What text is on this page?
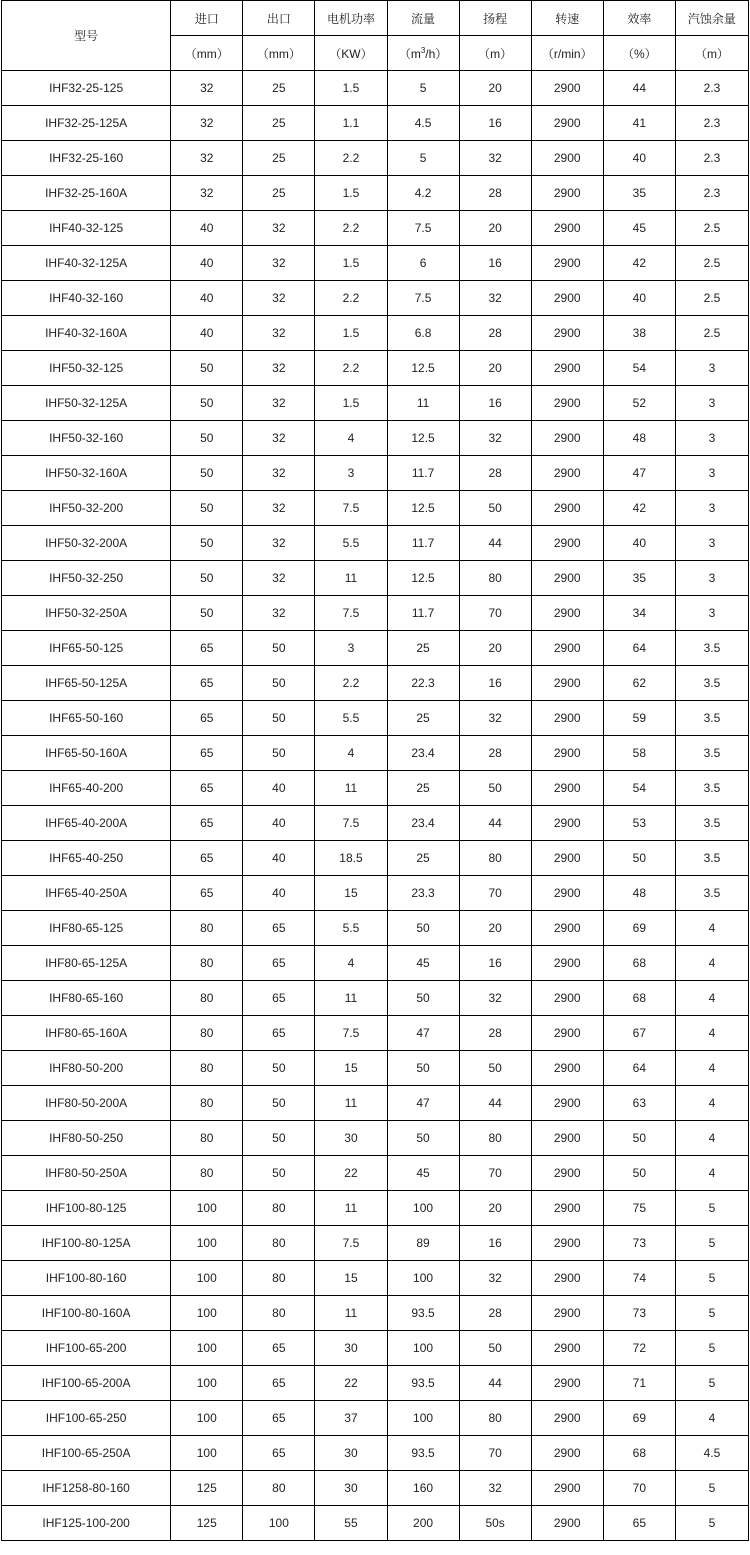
型号	进口	出口	电机功率	流量	扬程	转速	效率	汽蚀余量
	（mm）	（mm）	（KW）	$(m^3/h)$	（m）	（r/min）	（%）	（m）
IHF32-25-125	32	25	1.5	5	20	2900	44	2.3
IHF32-25-125A	32	25	1.1	4.5	16	2900	41	2.3
IHF32-25-160	32	25	2.2	5	32	2900	40	2.3
IHF32-25-160A	32	25	1.5	4.2	28	2900	35	2.3
IHF40-32-125	40	32	2.2	7.5	20	2900	45	2.5
IHF40-32-125A	40	32	1.5	6	16	2900	42	2.5
IHF40-32-160	40	32	2.2	7.5	32	2900	40	2.5
IHF40-32-160A	40	32	1.5	6.8	28	2900	38	2.5
IHF50-32-125	50	32	2.2	12.5	20	2900	54	3
IHF50-32-125A	50	32	1.5	11	16	2900	52	3
IHF50-32-160	50	32	4	12.5	32	2900	48	3
IHF50-32-160A	50	32	3	11.7	28	2900	47	3
IHF50-32-200	50	32	7.5	12.5	50	2900	42	3
IHF50-32-200A	50	32	5.5	11.7	44	2900	40	3
IHF50-32-250	50	32	11	12.5	80	2900	35	3
IHF50-32-250A	50	32	7.5	11.7	70	2900	34	3
IHF65-50-125	65	50	3	25	20	2900	64	3.5
IHF65-50-125A	65	50	2.2	22.3	16	2900	62	3.5
IHF65-50-160	65	50	5.5	25	32	2900	59	3.5
IHF65-50-160A	65	50	4	23.4	28	2900	58	3.5
IHF65-40-200	65	40	11	25	50	2900	54	3.5
IHF65-40-200A	65	40	7.5	23.4	44	2900	53	3.5
IHF65-40-250	65	40	18.5	25	80	2900	50	3.5
IHF65-40-250A	65	40	15	23.3	70	2900	48	3.5
IHF80-65-125	80	65	5.5	50	20	2900	69	4
IHF80-65-125A	80	65	4	45	16	2900	68	4
IHF80-65-160	80	65	11	50	32	2900	68	4
IHF80-65-160A	80	65	7.5	47	28	2900	67	4
IHF80-50-200	80	50	15	50	50	2900	64	4
IHF80-50-200A	80	50	11	47	44	2900	63	4
IHF80-50-250	80	50	30	50	80	2900	50	4
IHF80-50-250A	80	50	22	45	70	2900	50	4
IHF100-80-125	100	80	11	100	20	2900	75	5
IHF100-80-125A	100	80	7.5	89	16	2900	73	5
IHF100-80-160	100	80	15	100	32	2900	74	5
IHF100-80-160A	100	80	11	93.5	28	2900	73	5
IHF100-65-200	100	65	30	100	50	2900	72	5
IHF100-65-200A	100	65	22	93.5	44	2900	71	5
IHF100-65-250	100	65	37	100	80	2900	69	4
IHF100-65-250A	100	65	30	93.5	70	2900	68	4.5
IHF1258-80-160	125	80	30	160	32	2900	70	5
IHF125-100-200	125	100	55	200	50s	2900	65	5
